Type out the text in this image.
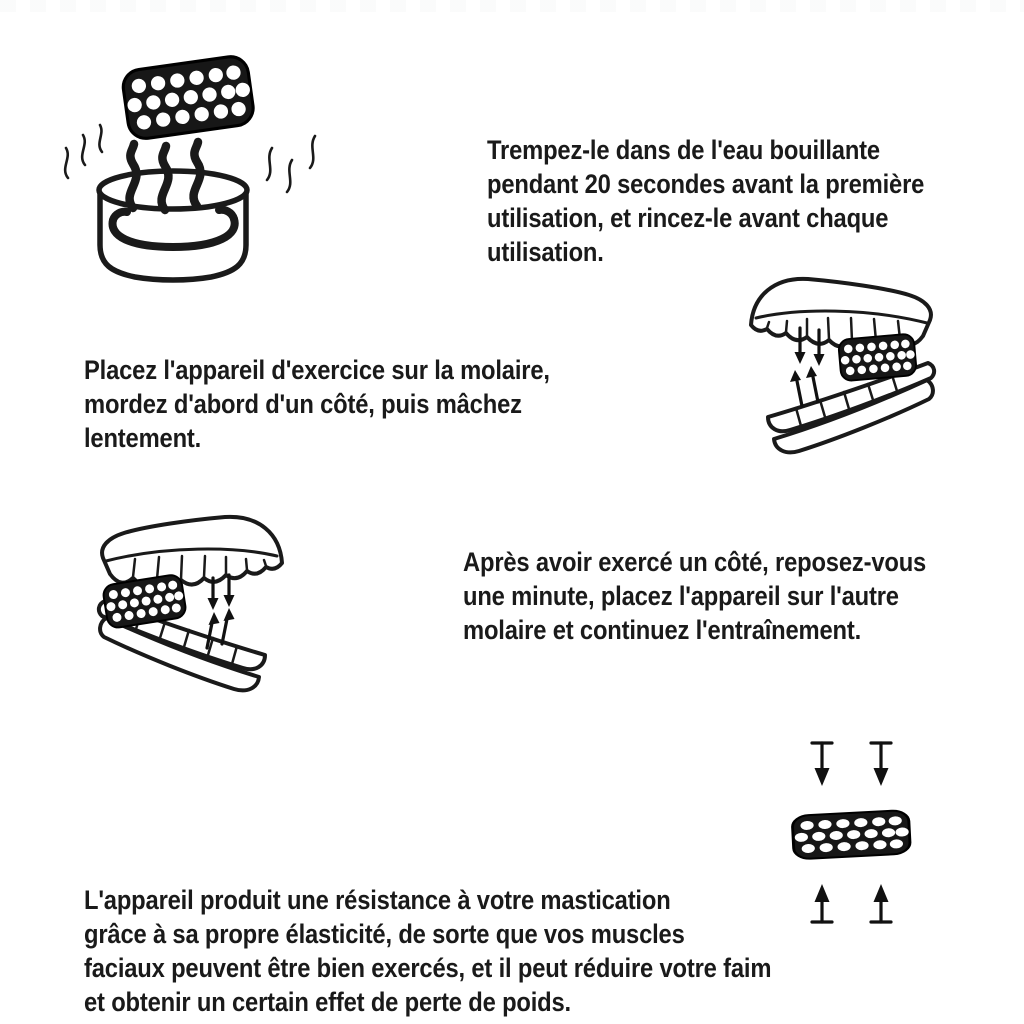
Trempez-le dans de l'eau bouillante
pendant 20 secondes avant la première
utilisation, et rincez-le avant chaque
utilisation.
Placez l'appareil d'exercice sur la molaire,
mordez d'abord d'un côté, puis mâchez
lentement.
Après avoir exercé un côté, reposez-vous
une minute, placez l'appareil sur l'autre
molaire et continuez l'entraînement.
L'appareil produit une résistance à votre mastication
grâce à sa propre élasticité, de sorte que vos muscles
faciaux peuvent être bien exercés, et il peut réduire votre faim
et obtenir un certain effet de perte de poids.
